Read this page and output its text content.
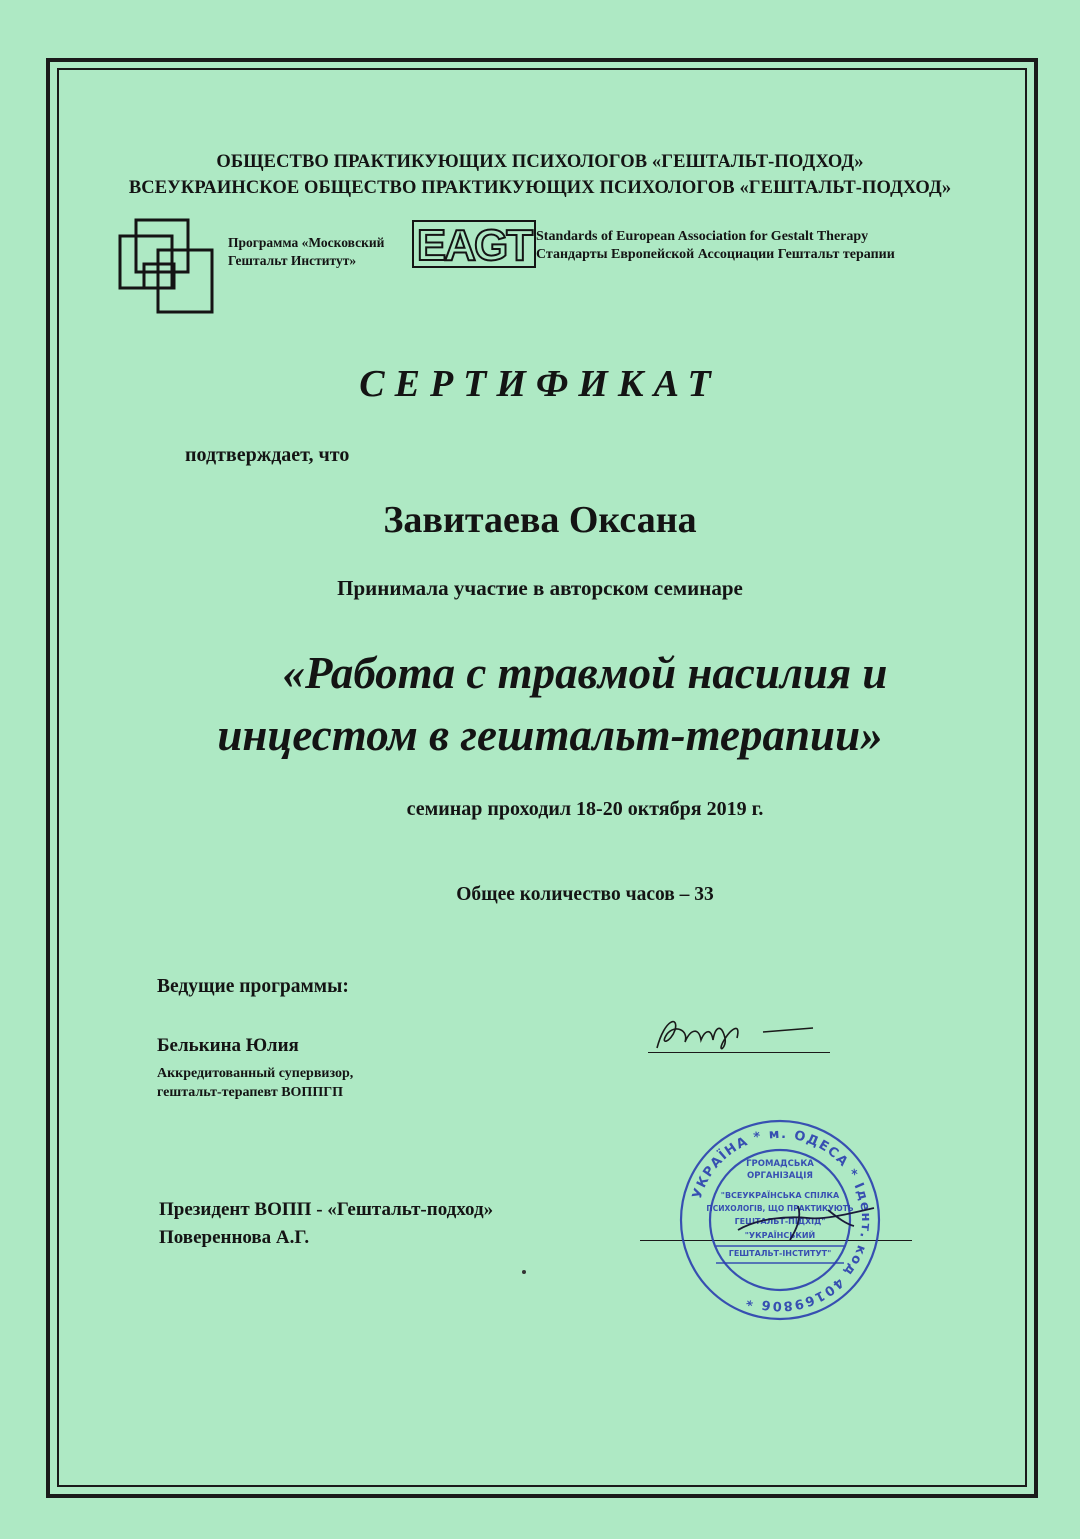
ОБЩЕСТВО ПРАКТИКУЮЩИХ ПСИХОЛОГОВ «ГЕШТАЛЬТ-ПОДХОД»
ВСЕУКРАИНСКОЕ ОБЩЕСТВО ПРАКТИКУЮЩИХ ПСИХОЛОГОВ «ГЕШТАЛЬТ-ПОДХОД»
Программа «Московский
Гештальт Институт»	EAGT Standards of European Association for Gestalt Therapy
Стандарты Европейской Ассоциации Гештальт терапии
СЕРТИФИКАТ
подтверждает, что
Завитаева Оксана
Принимала участие в авторском семинаре
«Работа с травмой насилия и
инцестом в гештальт-терапии»
семинар проходил 18-20 октября 2019 г.
Общее количество часов – 33
Ведущие программы:
Белькина Юлия
Аккредитованный супервизор,
гештальт-терапевт ВОППГП
Президент ВОПП - «Гештальт-подход»
Повереннова А.Г.
УКРАЇНА * м. ОДЕСА * Ідент. код 40169806 *
ГРОМАДСЬКА
ОРГАНІЗАЦІЯ
"ВСЕУКРАЇНСЬКА СПІЛКА
ПСИХОЛОГІВ, ЩО ПРАКТИКУЮТЬ
ГЕШТАЛЬТ-ПІДХІД"
"УКРАЇНСЬКИЙ
ГЕШТАЛЬТ-ІНСТИТУТ"
